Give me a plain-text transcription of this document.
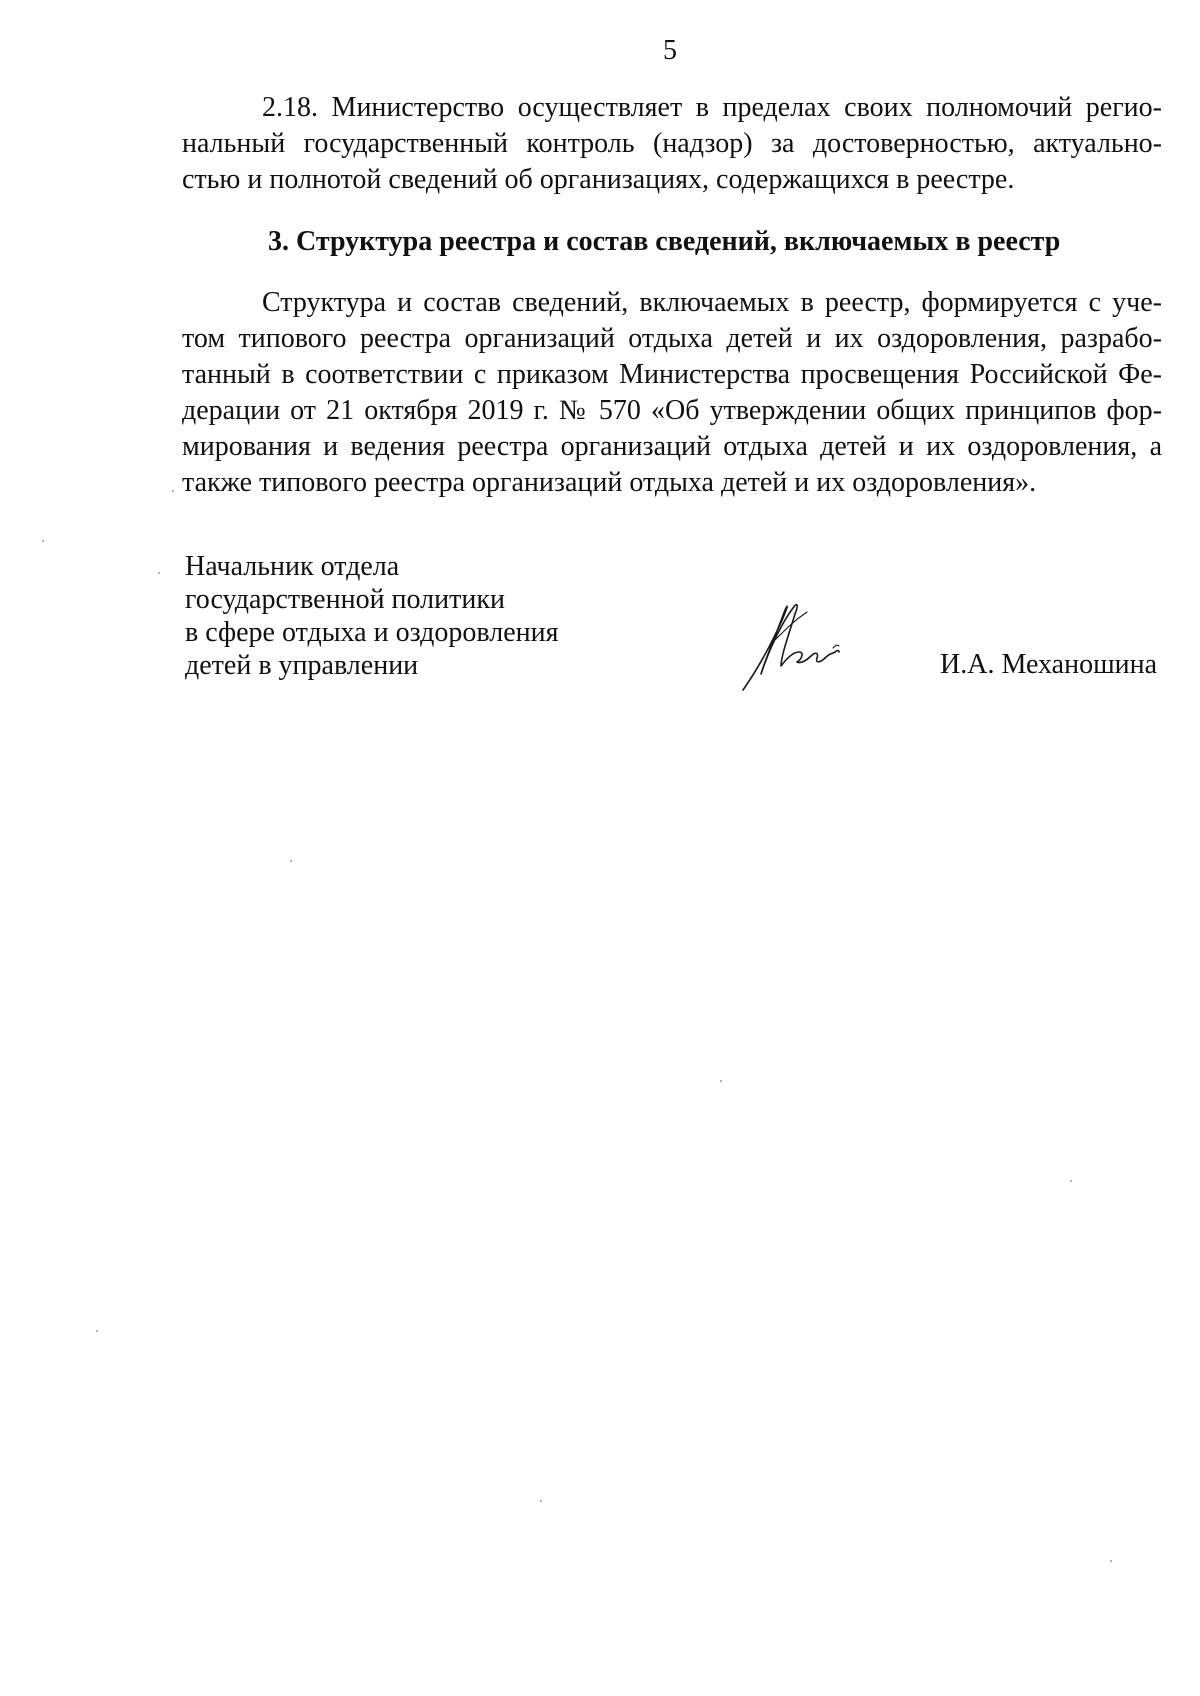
5
2.18. Министерство осуществляет в пределах своих полномочий регио-
нальный государственный контроль (надзор) за достоверностью, актуально-
стью и полнотой сведений об организациях, содержащихся в реестре.
3. Структура реестра и состав сведений, включаемых в реестр
Структура и состав сведений, включаемых в реестр, формируется с уче-
том типового реестра организаций отдыха детей и их оздоровления, разрабо-
танный в соответствии с приказом Министерства просвещения Российской Фе-
дерации от 21 октября 2019 г. № 570 «Об утверждении общих принципов фор-
мирования и ведения реестра организаций отдыха детей и их оздоровления, а
также типового реестра организаций отдыха детей и их оздоровления».
Начальник отдела
государственной политики
в сфере отдыха и оздоровления
детей в управлении	И.А. Механошина
